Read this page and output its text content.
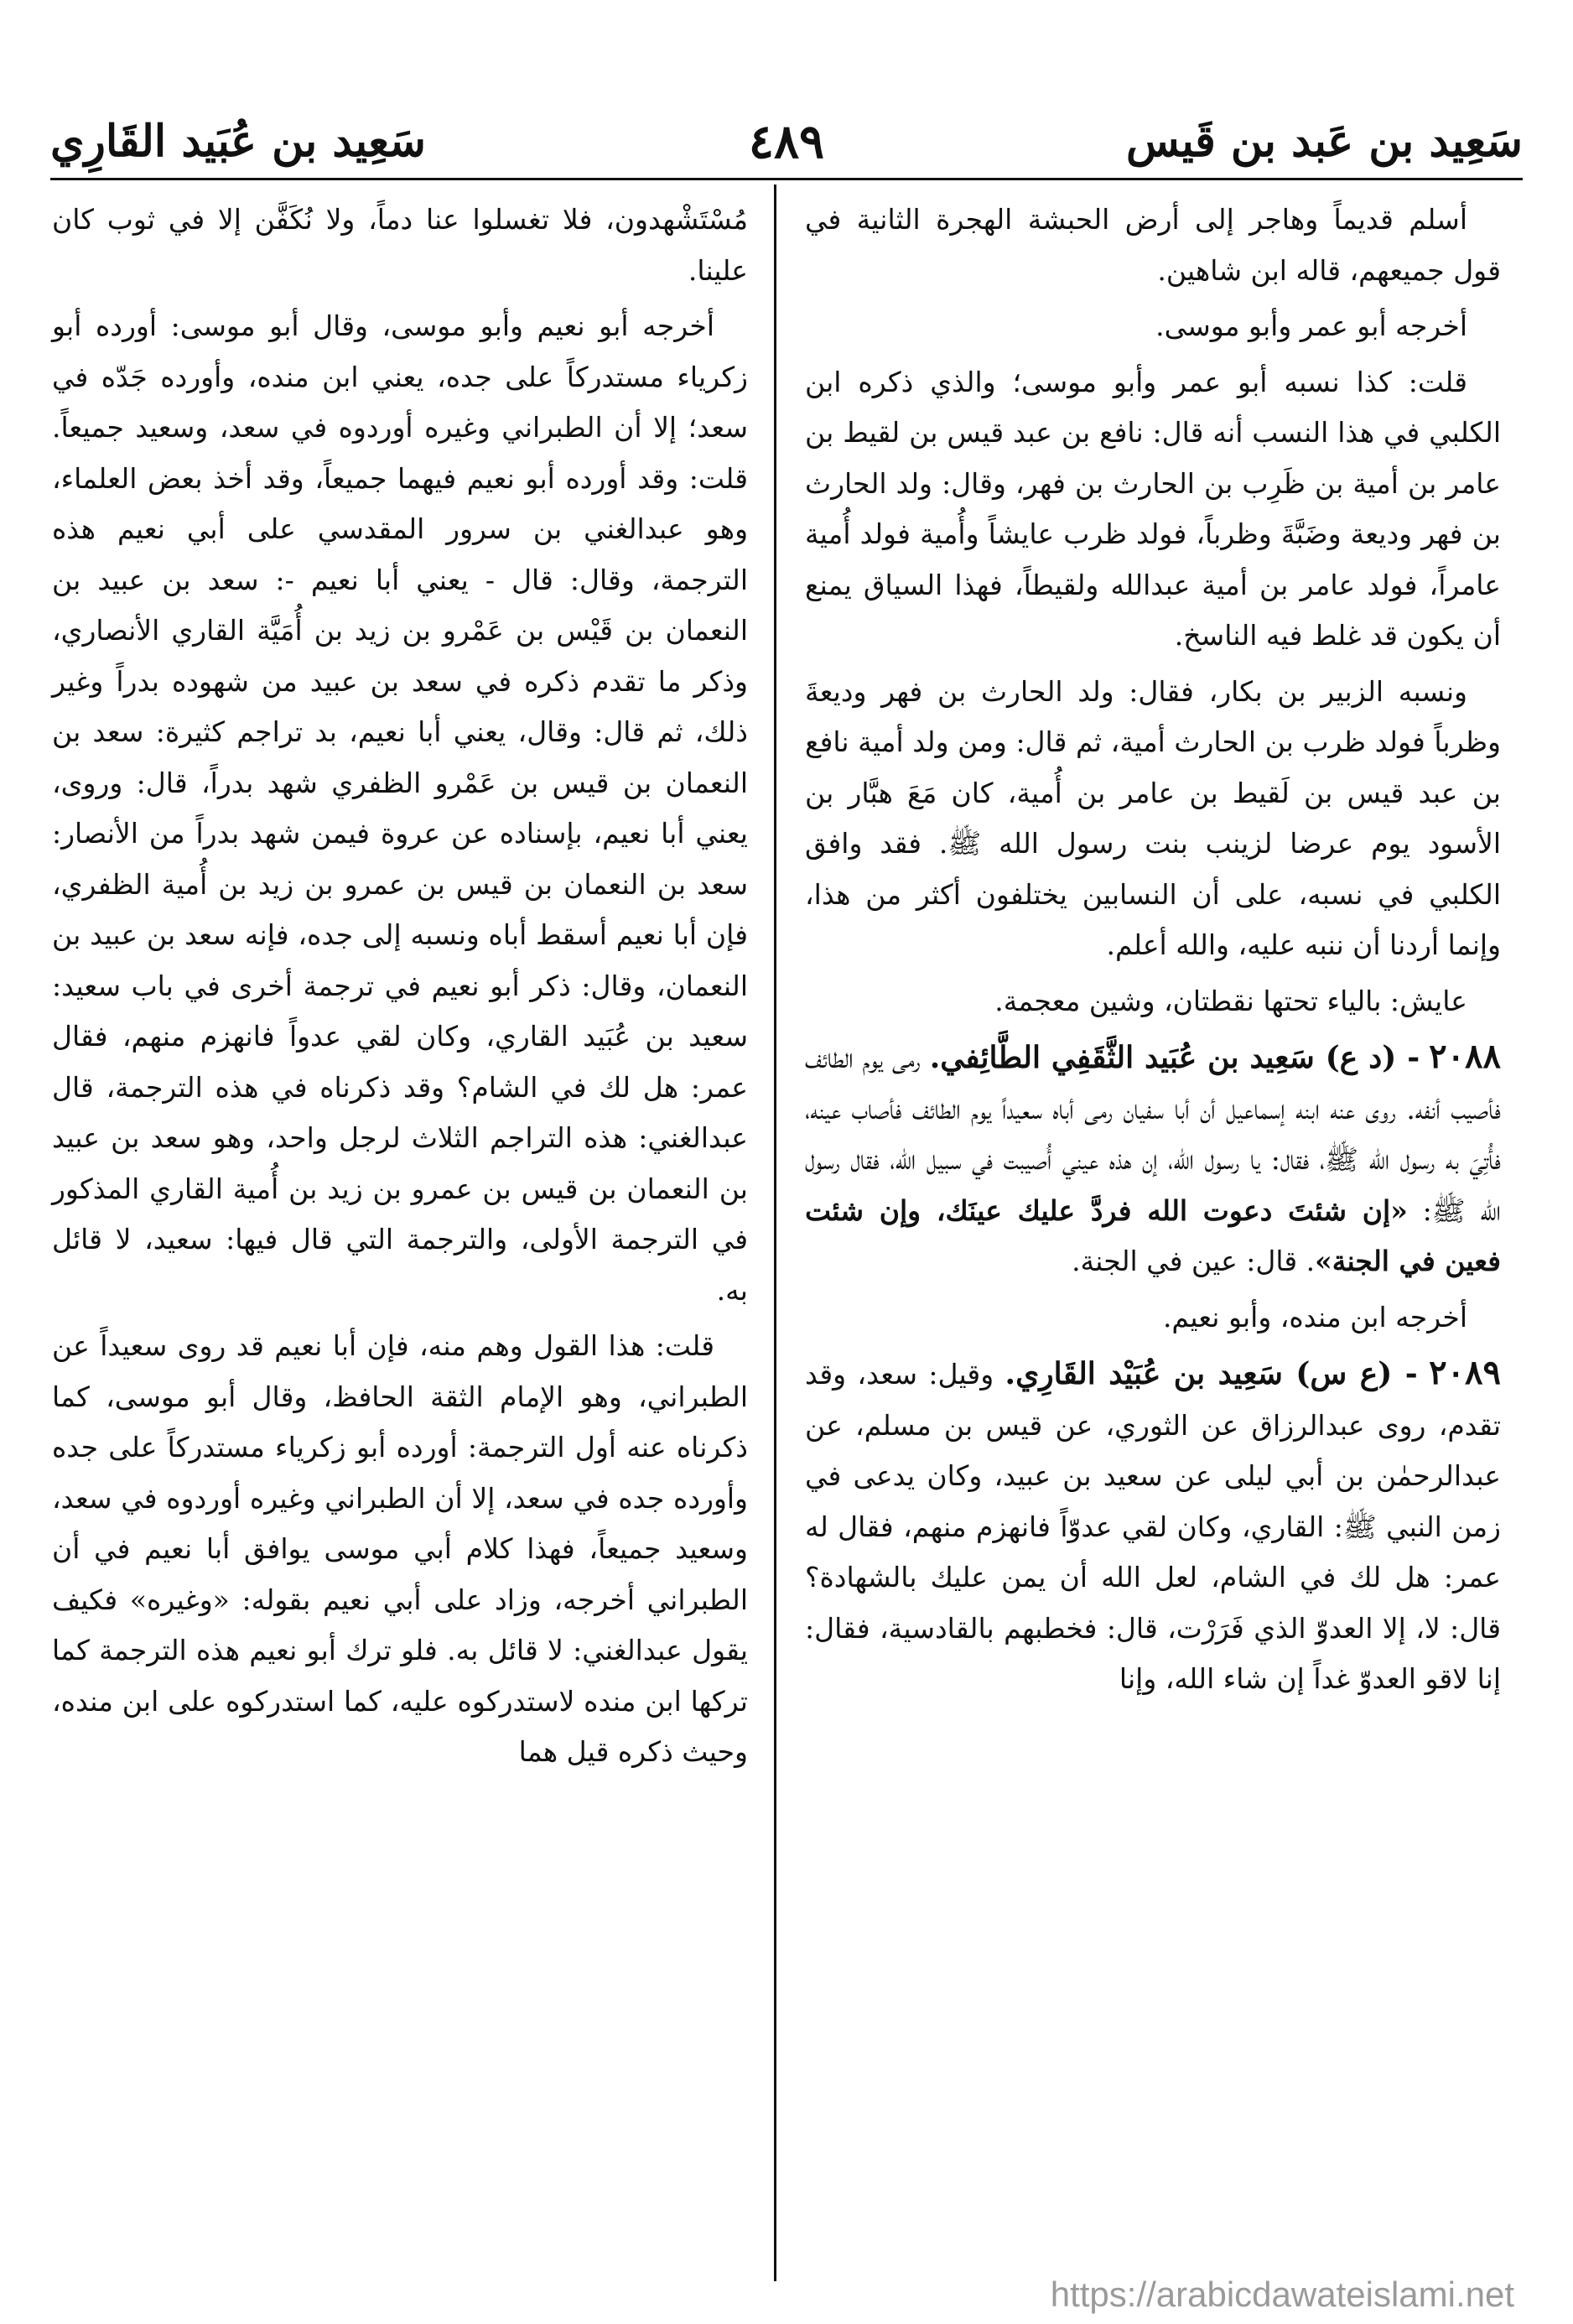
سَعِيد بن عَبد بن قَيس
٤٨٩
سَعِيد بن عُبَيد القَارِي

أسلم قديماً وهاجر إلى أرض الحبشة الهجرة الثانية في قول جميعهم، قاله ابن شاهين.

أخرجه أبو عمر وأبو موسى.

قلت: كذا نسبه أبو عمر وأبو موسى؛ والذي ذكره ابن الكلبي في هذا النسب أنه قال: نافع بن عبد قيس بن لقيط بن عامر بن أمية بن ظَرِب بن الحارث بن فهر، وقال: ولد الحارث بن فهر وديعة وضَبَّةَ وظرباً، فولد ظرب عايشاً وأُمية فولد أُمية عامراً، فولد عامر بن أمية عبدالله ولقيطاً، فهذا السياق يمنع أن يكون قد غلط فيه الناسخ.

ونسبه الزبير بن بكار، فقال: ولد الحارث بن فهر وديعةَ وظرباً فولد ظرب بن الحارث أمية، ثم قال: ومن ولد أمية نافع بن عبد قيس بن لَقيط بن عامر بن أُمية، كان مَعَ هبَّار بن الأسود يوم عرضا لزينب بنت رسول الله ﷺ. فقد وافق الكلبي في نسبه، على أن النسابين يختلفون أكثر من هذا، وإنما أردنا أن ننبه عليه، والله أعلم.

عايش: بالياء تحتها نقطتان، وشين معجمة.

٢٠٨٨ - (د ع) سَعِيد بن عُبَيد الثَّقَفِي الطَّائِفي. رمى يوم الطائف فأصيب أنفه. روى عنه ابنه إسماعيل أن أبا سفيان رمى أباه سعيداً يوم الطائف فأصاب عينه، فأُتِيَ به رسول الله ﷺ، فقال: يا رسول الله، إن هذه عيني أُصيبت في سبيل الله، فقال رسول الله ﷺ: «إن شئتَ دعوت الله فردَّ عليك عينَك، وإن شئت فعين في الجنة». قال: عين في الجنة.

أخرجه ابن منده، وأبو نعيم.

٢٠٨٩ - (ع س) سَعِيد بن عُبَيْد القَارِي. وقيل: سعد، وقد تقدم، روى عبدالرزاق عن الثوري، عن قيس بن مسلم، عن عبدالرحمٰن بن أبي ليلى عن سعيد بن عبيد، وكان يدعى في زمن النبي ﷺ: القاري، وكان لقي عدوّاً فانهزم منهم، فقال له عمر: هل لك في الشام، لعل الله أن يمن عليك بالشهادة؟ قال: لا، إلا العدوّ الذي فَرَرْت، قال: فخطبهم بالقادسية، فقال: إنا لاقو العدوّ غداً إن شاء الله، وإنا

مُسْتَشْهدون، فلا تغسلوا عنا دماً، ولا نُكَفَّن إلا في ثوب كان علينا.

أخرجه أبو نعيم وأبو موسى، وقال أبو موسى: أورده أبو زكرياء مستدركاً على جده، يعني ابن منده، وأورده جَدّه في سعد؛ إلا أن الطبراني وغيره أوردوه في سعد، وسعيد جميعاً. قلت: وقد أورده أبو نعيم فيهما جميعاً، وقد أخذ بعض العلماء، وهو عبدالغني بن سرور المقدسي على أبي نعيم هذه الترجمة، وقال: قال - يعني أبا نعيم -: سعد بن عبيد بن النعمان بن قَيْس بن عَمْرو بن زيد بن أُمَيَّة القاري الأنصاري، وذكر ما تقدم ذكره في سعد بن عبيد من شهوده بدراً وغير ذلك، ثم قال: وقال، يعني أبا نعيم، بد تراجم كثيرة: سعد بن النعمان بن قيس بن عَمْرو الظفري شهد بدراً، قال: وروى، يعني أبا نعيم، بإسناده عن عروة فيمن شهد بدراً من الأنصار: سعد بن النعمان بن قيس بن عمرو بن زيد بن أُمية الظفري، فإن أبا نعيم أسقط أباه ونسبه إلى جده، فإنه سعد بن عبيد بن النعمان، وقال: ذكر أبو نعيم في ترجمة أخرى في باب سعيد: سعيد بن عُبَيد القاري، وكان لقي عدواً فانهزم منهم، فقال عمر: هل لك في الشام؟ وقد ذكرناه في هذه الترجمة، قال عبدالغني: هذه التراجم الثلاث لرجل واحد، وهو سعد بن عبيد بن النعمان بن قيس بن عمرو بن زيد بن أُمية القاري المذكور في الترجمة الأولى، والترجمة التي قال فيها: سعيد، لا قائل به.

قلت: هذا القول وهم منه، فإن أبا نعيم قد روى سعيداً عن الطبراني، وهو الإمام الثقة الحافظ، وقال أبو موسى، كما ذكرناه عنه أول الترجمة: أورده أبو زكرياء مستدركاً على جده وأورده جده في سعد، إلا أن الطبراني وغيره أوردوه في سعد، وسعيد جميعاً، فهذا كلام أبي موسى يوافق أبا نعيم في أن الطبراني أخرجه، وزاد على أبي نعيم بقوله: «وغيره» فكيف يقول عبدالغني: لا قائل به. فلو ترك أبو نعيم هذه الترجمة كما تركها ابن منده لاستدركوه عليه، كما استدركوه على ابن منده، وحيث ذكره قيل هما

https://arabicdawateislami.net
